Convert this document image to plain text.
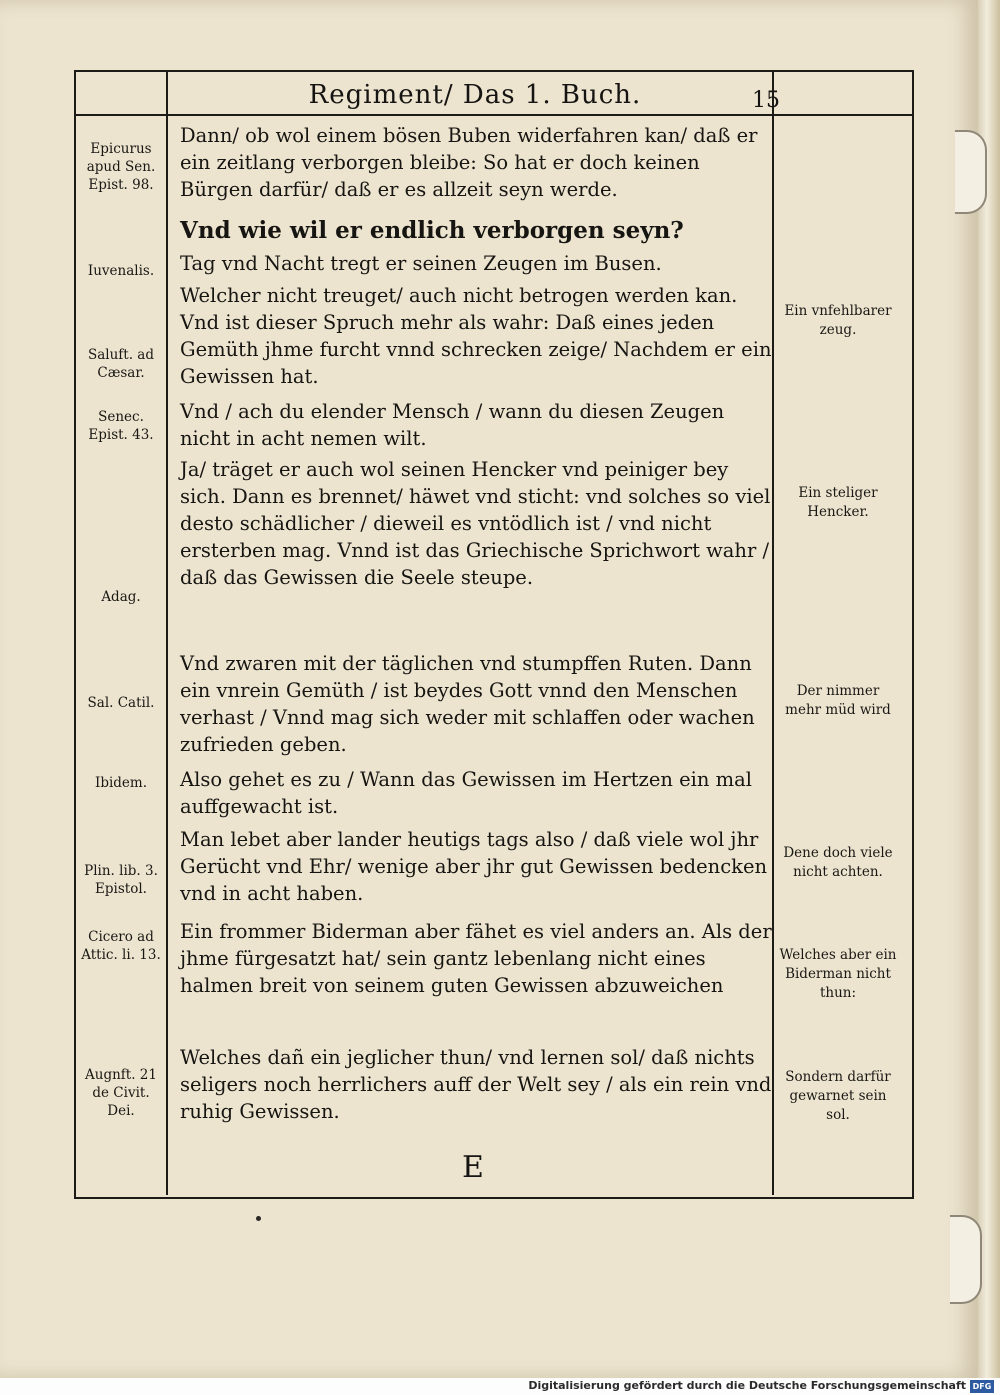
Regiment/ Das 1. Buch.	15

Dann/ ob wol einem bösen Buben widerfahren kan/ daß er ein zeitlang verborgen bleibe: So hat er doch keinen Bürgen darfür/ daß er es allzeit seyn werde.

Vnd wie wil er endlich verborgen seyn?

Tag vnd Nacht tregt er seinen Zeugen im Busen.

Welcher nicht treuget/ auch nicht betrogen werden kan. Vnd ist dieser Spruch mehr als wahr: Daß eines jeden Gemüth jhme furcht vnnd schrecken zeige/ Nachdem er ein Gewissen hat.

Vnd / ach du elender Mensch / wann du diesen Zeugen nicht in acht nemen wilt.

Ja/ träget er auch wol seinen Hencker vnd peiniger bey sich. Dann es brennet/ häwet vnd sticht: vnd solches so viel desto schädlicher / dieweil es vntödlich ist / vnd nicht ersterben mag. Vnnd ist das Griechische Sprichwort wahr / daß das Gewissen die Seele steupe.

Vnd zwaren mit der täglichen vnd stumpffen Ruten. Dann ein vnrein Gemüth / ist beydes Gott vnnd den Menschen verhast / Vnnd mag sich weder mit schlaffen oder wachen zufrieden geben.

Also gehet es zu / Wann das Gewissen im Hertzen ein mal auffgewacht ist.

Man lebet aber lander heutigs tags also / daß viele wol jhr Gerücht vnd Ehr/ wenige aber jhr gut Gewissen bedencken vnd in acht haben.

Ein frommer Biderman aber fähet es viel anders an. Als der jhme fürgesatzt hat/ sein gantz lebenlang nicht eines halmen breit von seinem guten Gewissen abzuweichen

Welches dañ ein jeglicher thun/ vnd lernen sol/ daß nichts seligers noch herrlichers auff der Welt sey / als ein rein vnd ruhig Gewissen.

Epicurus apud Sen. Epist. 98.

Iuvenalis.

Saluft. ad Cæsar.

Senec. Epist. 43.

Adag.

Sal. Catil.

Ibidem.

Plin. lib. 3. Epistol.

Cicero ad Attic. li. 13.

Augnft. 21 de Civit. Dei.

Ein vnfehlbarer zeug.

Ein steliger Hencker.

Der nimmer mehr müd wird

Dene doch viele nicht achten.

Welches aber ein Biderman nicht thun:

Sondern darfür gewarnet sein sol.

E
Digitalisierung gefördert durch die Deutsche Forschungsgemeinschaft DFG
